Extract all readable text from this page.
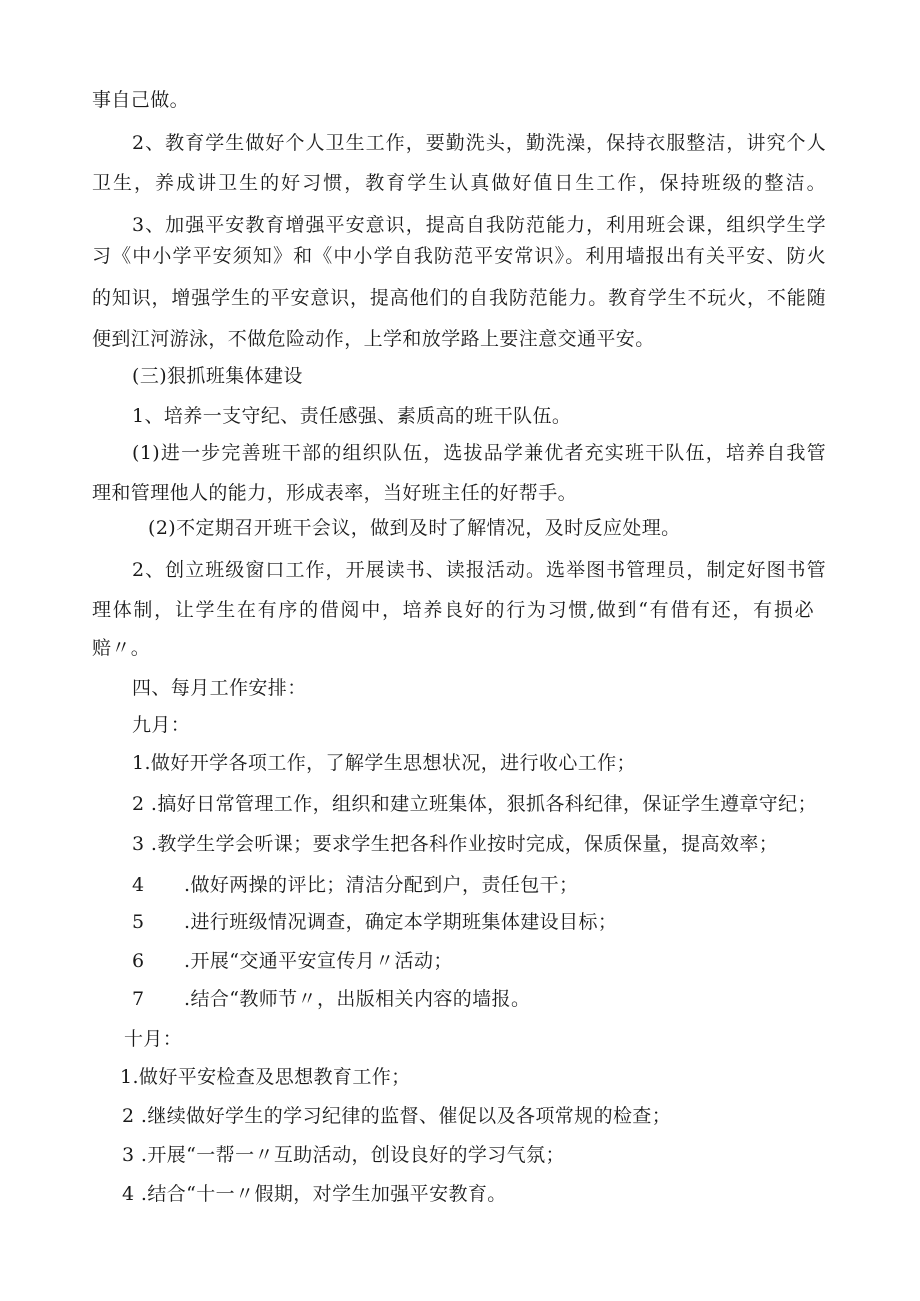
事自己做。
2、教育学生做好个人卫生工作，要勤洗头，勤洗澡，保持衣服整洁，讲究个人
卫生，养成讲卫生的好习惯，教育学生认真做好值日生工作，保持班级的整洁。
3、加强平安教育增强平安意识，提高自我防范能力，利用班会课，组织学生学
习《中小学平安须知》和《中小学自我防范平安常识》。利用墙报出有关平安、防火
的知识，增强学生的平安意识，提高他们的自我防范能力。教育学生不玩火，不能随
便到江河游泳，不做危险动作，上学和放学路上要注意交通平安。
(三)狠抓班集体建设
1、培养一支守纪、责任感强、素质高的班干队伍。
(1)进一步完善班干部的组织队伍，选拔品学兼优者充实班干队伍，培养自我管
理和管理他人的能力，形成表率，当好班主任的好帮手。
(2)不定期召开班干会议，做到及时了解情况，及时反应处理。
2、创立班级窗口工作，开展读书、读报活动。选举图书管理员，制定好图书管
理体制，让学生在有序的借阅中，培养良好的行为习惯,做到“有借有还，有损必
赔〃。
四、每月工作安排：
九月：
1.做好开学各项工作，了解学生思想状况，进行收心工作；
2 .搞好日常管理工作，组织和建立班集体，狠抓各科纪律，保证学生遵章守纪；
3 .教学生学会听课；要求学生把各科作业按时完成，保质保量，提高效率；
4 .做好两操的评比；清洁分配到户，责任包干；
5 .进行班级情况调查，确定本学期班集体建设目标；
6 .开展“交通平安宣传月〃活动；
7 .结合“教师节〃，出版相关内容的墙报。
十月：
1.做好平安检查及思想教育工作；
2 .继续做好学生的学习纪律的监督、催促以及各项常规的检查；
3 .开展“一帮一〃互助活动，创设良好的学习气氛；
4 .结合“十一〃假期，对学生加强平安教育。
